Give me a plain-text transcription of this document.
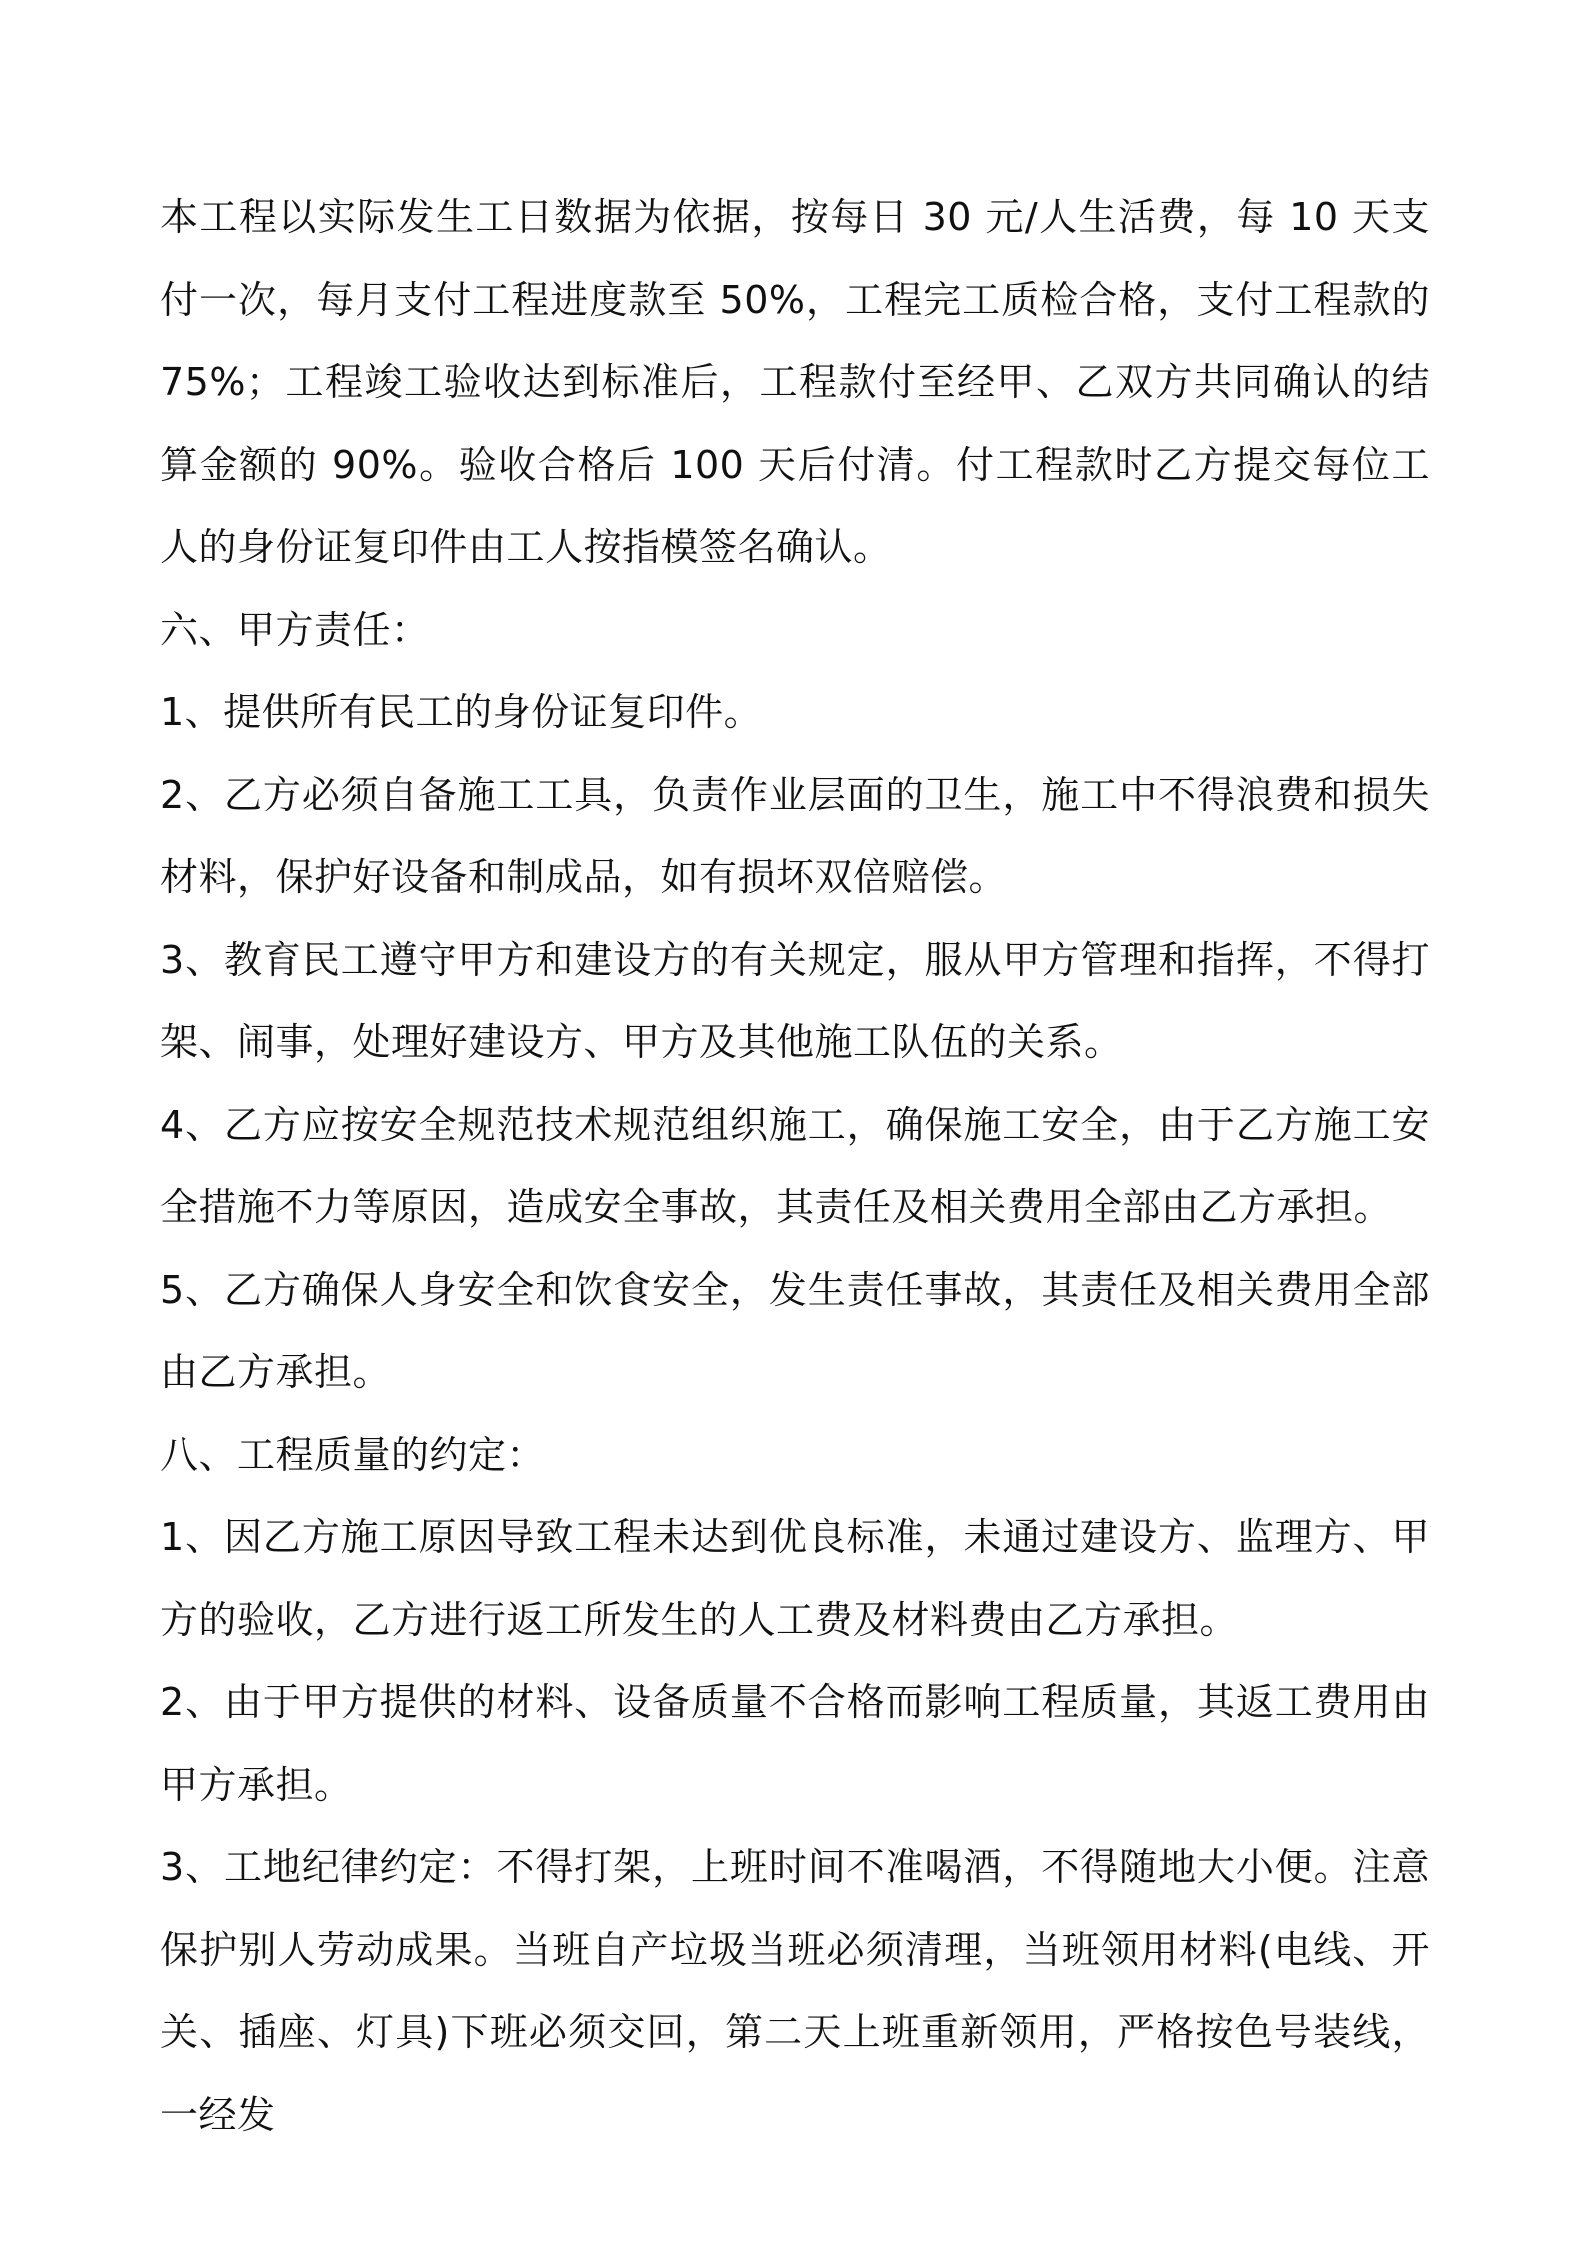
本工程以实际发生工日数据为依据，按每日 30 元/人生活费，每 10 天支付一次，每月支付工程进度款至 50%，工程完工质检合格，支付工程款的 75%；工程竣工验收达到标准后，工程款付至经甲、乙双方共同确认的结算金额的 90%。验收合格后 100 天后付清。付工程款时乙方提交每位工人的身份证复印件由工人按指模签名确认。

六、甲方责任：

1、提供所有民工的身份证复印件。

2、乙方必须自备施工工具，负责作业层面的卫生，施工中不得浪费和损失材料，保护好设备和制成品，如有损坏双倍赔偿。

3、教育民工遵守甲方和建设方的有关规定，服从甲方管理和指挥，不得打架、闹事，处理好建设方、甲方及其他施工队伍的关系。

4、乙方应按安全规范技术规范组织施工，确保施工安全，由于乙方施工安全措施不力等原因，造成安全事故，其责任及相关费用全部由乙方承担。

5、乙方确保人身安全和饮食安全，发生责任事故，其责任及相关费用全部由乙方承担。

八、工程质量的约定：

1、因乙方施工原因导致工程未达到优良标准，未通过建设方、监理方、甲方的验收，乙方进行返工所发生的人工费及材料费由乙方承担。

2、由于甲方提供的材料、设备质量不合格而影响工程质量，其返工费用由甲方承担。

3、工地纪律约定：不得打架，上班时间不准喝酒，不得随地大小便。注意保护别人劳动成果。当班自产垃圾当班必须清理，当班领用材料(电线、开关、插座、灯具)下班必须交回，第二天上班重新领用，严格按色号装线，一经发
